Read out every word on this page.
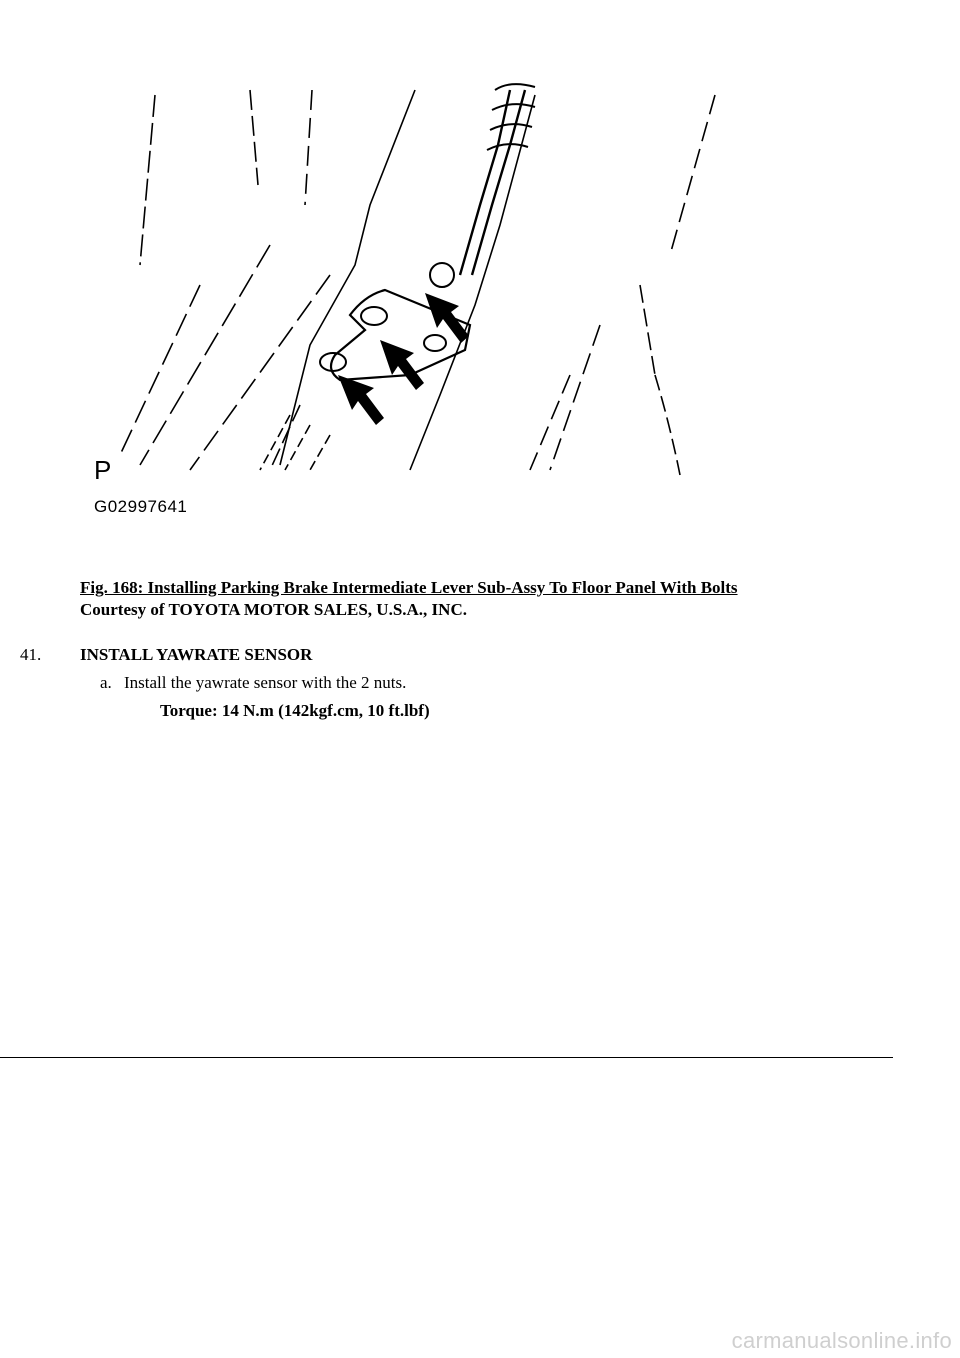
P
G02997641
Fig. 168: Installing Parking Brake Intermediate Lever Sub-Assy To Floor Panel With Bolts
Courtesy of TOYOTA MOTOR SALES, U.S.A., INC.
41. INSTALL YAWRATE SENSOR
a. Install the yawrate sensor with the 2 nuts.
Torque: 14 N.m (142kgf.cm, 10 ft.lbf)
carmanualsonline.info
